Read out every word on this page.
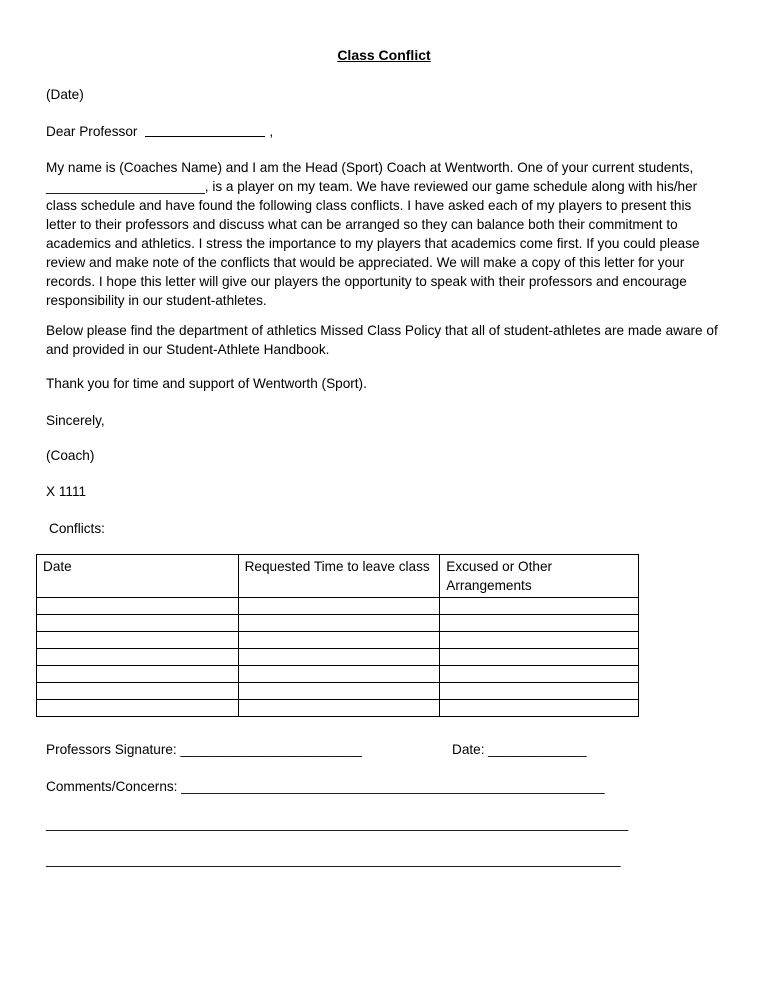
Class Conflict
(Date)
Dear Professor	,
My name is (Coaches Name) and I am the Head (Sport) Coach at Wentworth. One of your current students, _____________________, is a player on my team. We have reviewed our game schedule along with his/her class schedule and have found the following class conflicts. I have asked each of my players to present this letter to their professors and discuss what can be arranged so they can balance both their commitment to academics and athletics. I stress the importance to my players that academics come first. If you could please review and make note of the conflicts that would be appreciated. We will make a copy of this letter for your records. I hope this letter will give our players the opportunity to speak with their professors and encourage responsibility in our student-athletes.
Below please find the department of athletics Missed Class Policy that all of student-athletes are made aware of and provided in our Student-Athlete Handbook.
Thank you for time and support of Wentworth (Sport).
Sincerely,
(Coach)
X 1111
Conflicts:
Date	Requested Time to leave class	Excused or Other Arrangements

Professors Signature: ________________________	Date: _____________
Comments/Concerns: ________________________________________________________
_____________________________________________________________________________
____________________________________________________________________________
